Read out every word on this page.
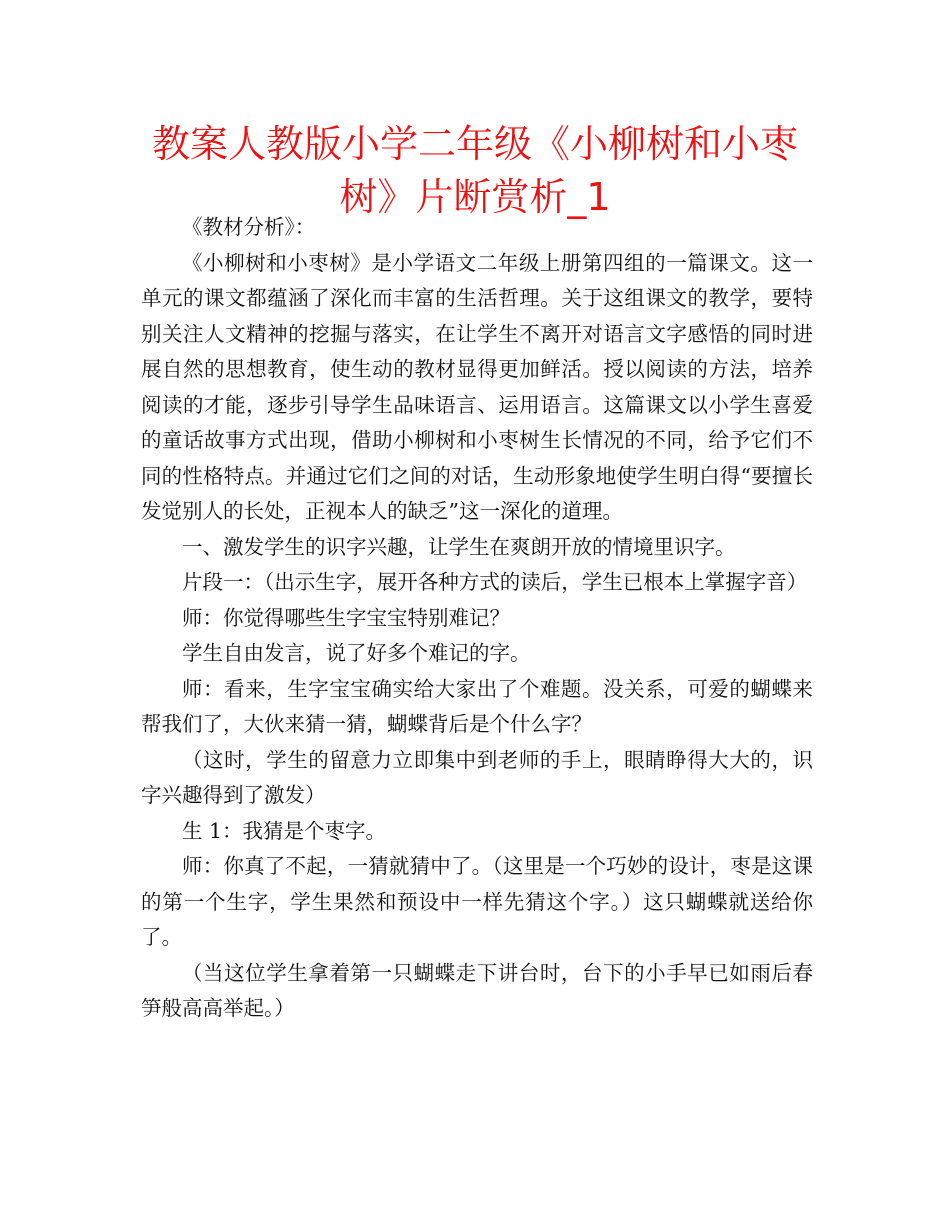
教案人教版小学二年级《小柳树和小枣
树》片断赏析_1

《教材分析》：

《小柳树和小枣树》是小学语文二年级上册第四组的一篇课文。这一单元的课文都蕴涵了深化而丰富的生活哲理。关于这组课文的教学，要特别关注人文精神的挖掘与落实，在让学生不离开对语言文字感悟的同时进展自然的思想教育，使生动的教材显得更加鲜活。授以阅读的方法，培养阅读的才能，逐步引导学生品味语言、运用语言。这篇课文以小学生喜爱的童话故事方式出现，借助小柳树和小枣树生长情况的不同，给予它们不同的性格特点。并通过它们之间的对话，生动形象地使学生明白得“要擅长发觉别人的长处，正视本人的缺乏”这一深化的道理。

一、激发学生的识字兴趣，让学生在爽朗开放的情境里识字。

片段一：（出示生字，展开各种方式的读后，学生已根本上掌握字音）

师：你觉得哪些生字宝宝特别难记？

学生自由发言，说了好多个难记的字。

师：看来，生字宝宝确实给大家出了个难题。没关系，可爱的蝴蝶来帮我们了，大伙来猜一猜，蝴蝶背后是个什么字？

（这时，学生的留意力立即集中到老师的手上，眼睛睁得大大的，识字兴趣得到了激发）

生 1：我猜是个枣字。

师：你真了不起，一猜就猜中了。（这里是一个巧妙的设计，枣是这课的第一个生字，学生果然和预设中一样先猜这个字。）这只蝴蝶就送给你了。

（当这位学生拿着第一只蝴蝶走下讲台时，台下的小手早已如雨后春笋般高高举起。）
